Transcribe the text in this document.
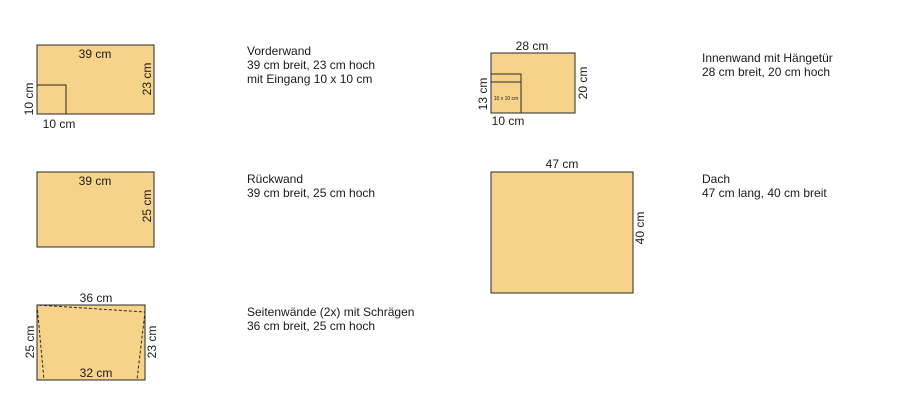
39 cm
23 cm
10 cm
10 cm
39 cm
25 cm
36 cm
32 cm
25 cm	23 cm
10 x 10 cm
28 cm
20 cm
13 cm
10 cm
47 cm
40 cm
Vorderwand
39 cm breit, 23 cm hoch
mit Eingang 10 x 10 cm
Rückwand
39 cm breit, 25 cm hoch
Seitenwände (2x) mit Schrägen
36 cm breit, 25 cm hoch
Innenwand mit Hängetür
28 cm breit, 20 cm hoch
Dach
47 cm lang, 40 cm breit
